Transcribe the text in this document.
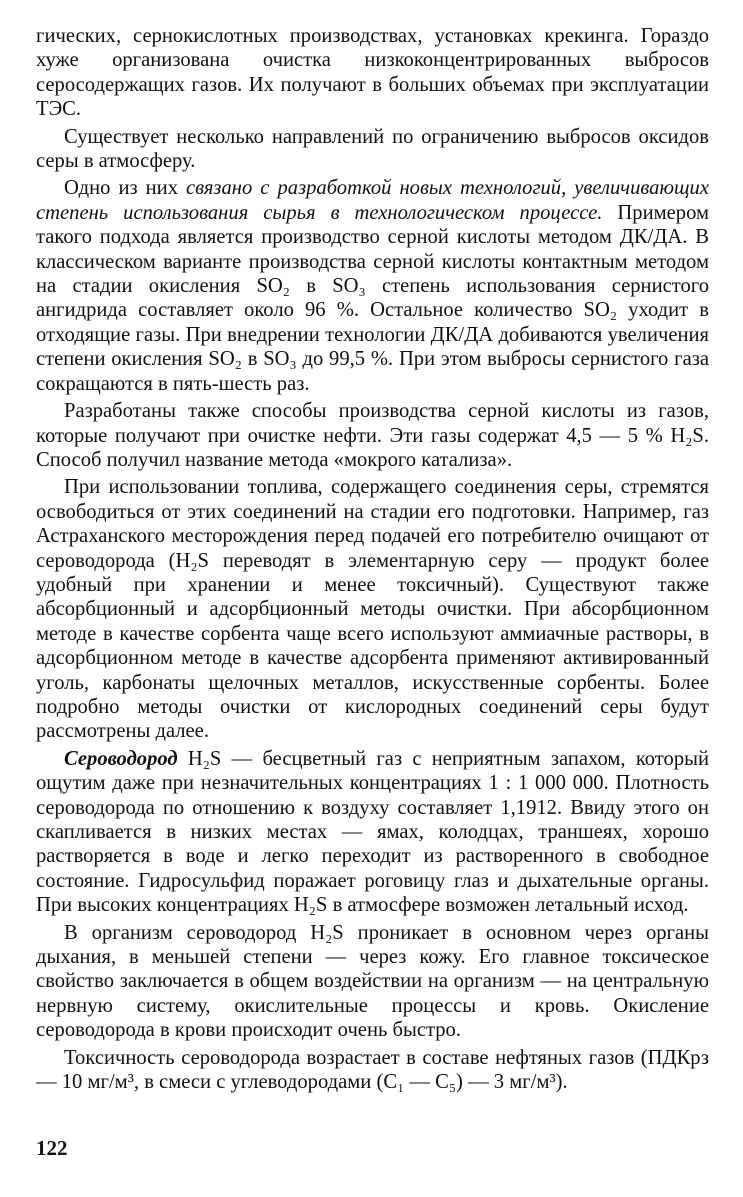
гических, сернокислотных производствах, установках крекинга. Гораздо хуже организована очистка низкоконцентрированных выбросов серосодержащих газов. Их получают в больших объемах при эксплуатации ТЭС.

Существует несколько направлений по ограничению выбросов оксидов серы в атмосферу.

Одно из них связано с разработкой новых технологий, увеличивающих степень использования сырья в технологическом процессе. Примером такого подхода является производство серной кислоты методом ДК/ДА. В классическом варианте производства серной кислоты контактным методом на стадии окисления SO₂ в SO₃ степень использования сернистого ангидрида составляет около 96 %. Остальное количество SO₂ уходит в отходящие газы. При внедрении технологии ДК/ДА добиваются увеличения степени окисления SO₂ в SO₃ до 99,5 %. При этом выбросы сернистого газа сокращаются в пять-шесть раз.

Разработаны также способы производства серной кислоты из газов, которые получают при очистке нефти. Эти газы содержат 4,5 — 5 % H₂S. Способ получил название метода «мокрого катализа».

При использовании топлива, содержащего соединения серы, стремятся освободиться от этих соединений на стадии его подготовки. Например, газ Астраханского месторождения перед подачей его потребителю очищают от сероводорода (H₂S переводят в элементарную серу — продукт более удобный при хранении и менее токсичный). Существуют также абсорбционный и адсорбционный методы очистки. При абсорбционном методе в качестве сорбента чаще всего используют аммиачные растворы, в адсорбционном методе в качестве адсорбента применяют активированный уголь, карбонаты щелочных металлов, искусственные сорбенты. Более подробно методы очистки от кислородных соединений серы будут рассмотрены далее.

Сероводород H₂S — бесцветный газ с неприятным запахом, который ощутим даже при незначительных концентрациях 1 : 1 000 000. Плотность сероводорода по отношению к воздуху составляет 1,1912. Ввиду этого он скапливается в низких местах — ямах, колодцах, траншеях, хорошо растворяется в воде и легко переходит из растворенного в свободное состояние. Гидросульфид поражает роговицу глаз и дыхательные органы. При высоких концентрациях H₂S в атмосфере возможен летальный исход.

В организм сероводород H₂S проникает в основном через органы дыхания, в меньшей степени — через кожу. Его главное токсическое свойство заключается в общем воздействии на организм — на центральную нервную систему, окислительные процессы и кровь. Окисление сероводорода в крови происходит очень быстро.

Токсичность сероводорода возрастает в составе нефтяных газов (ПДКрз — 10 мг/м³, в смеси с углеводородами (C₁ — C₅) — 3 мг/м³).

122
